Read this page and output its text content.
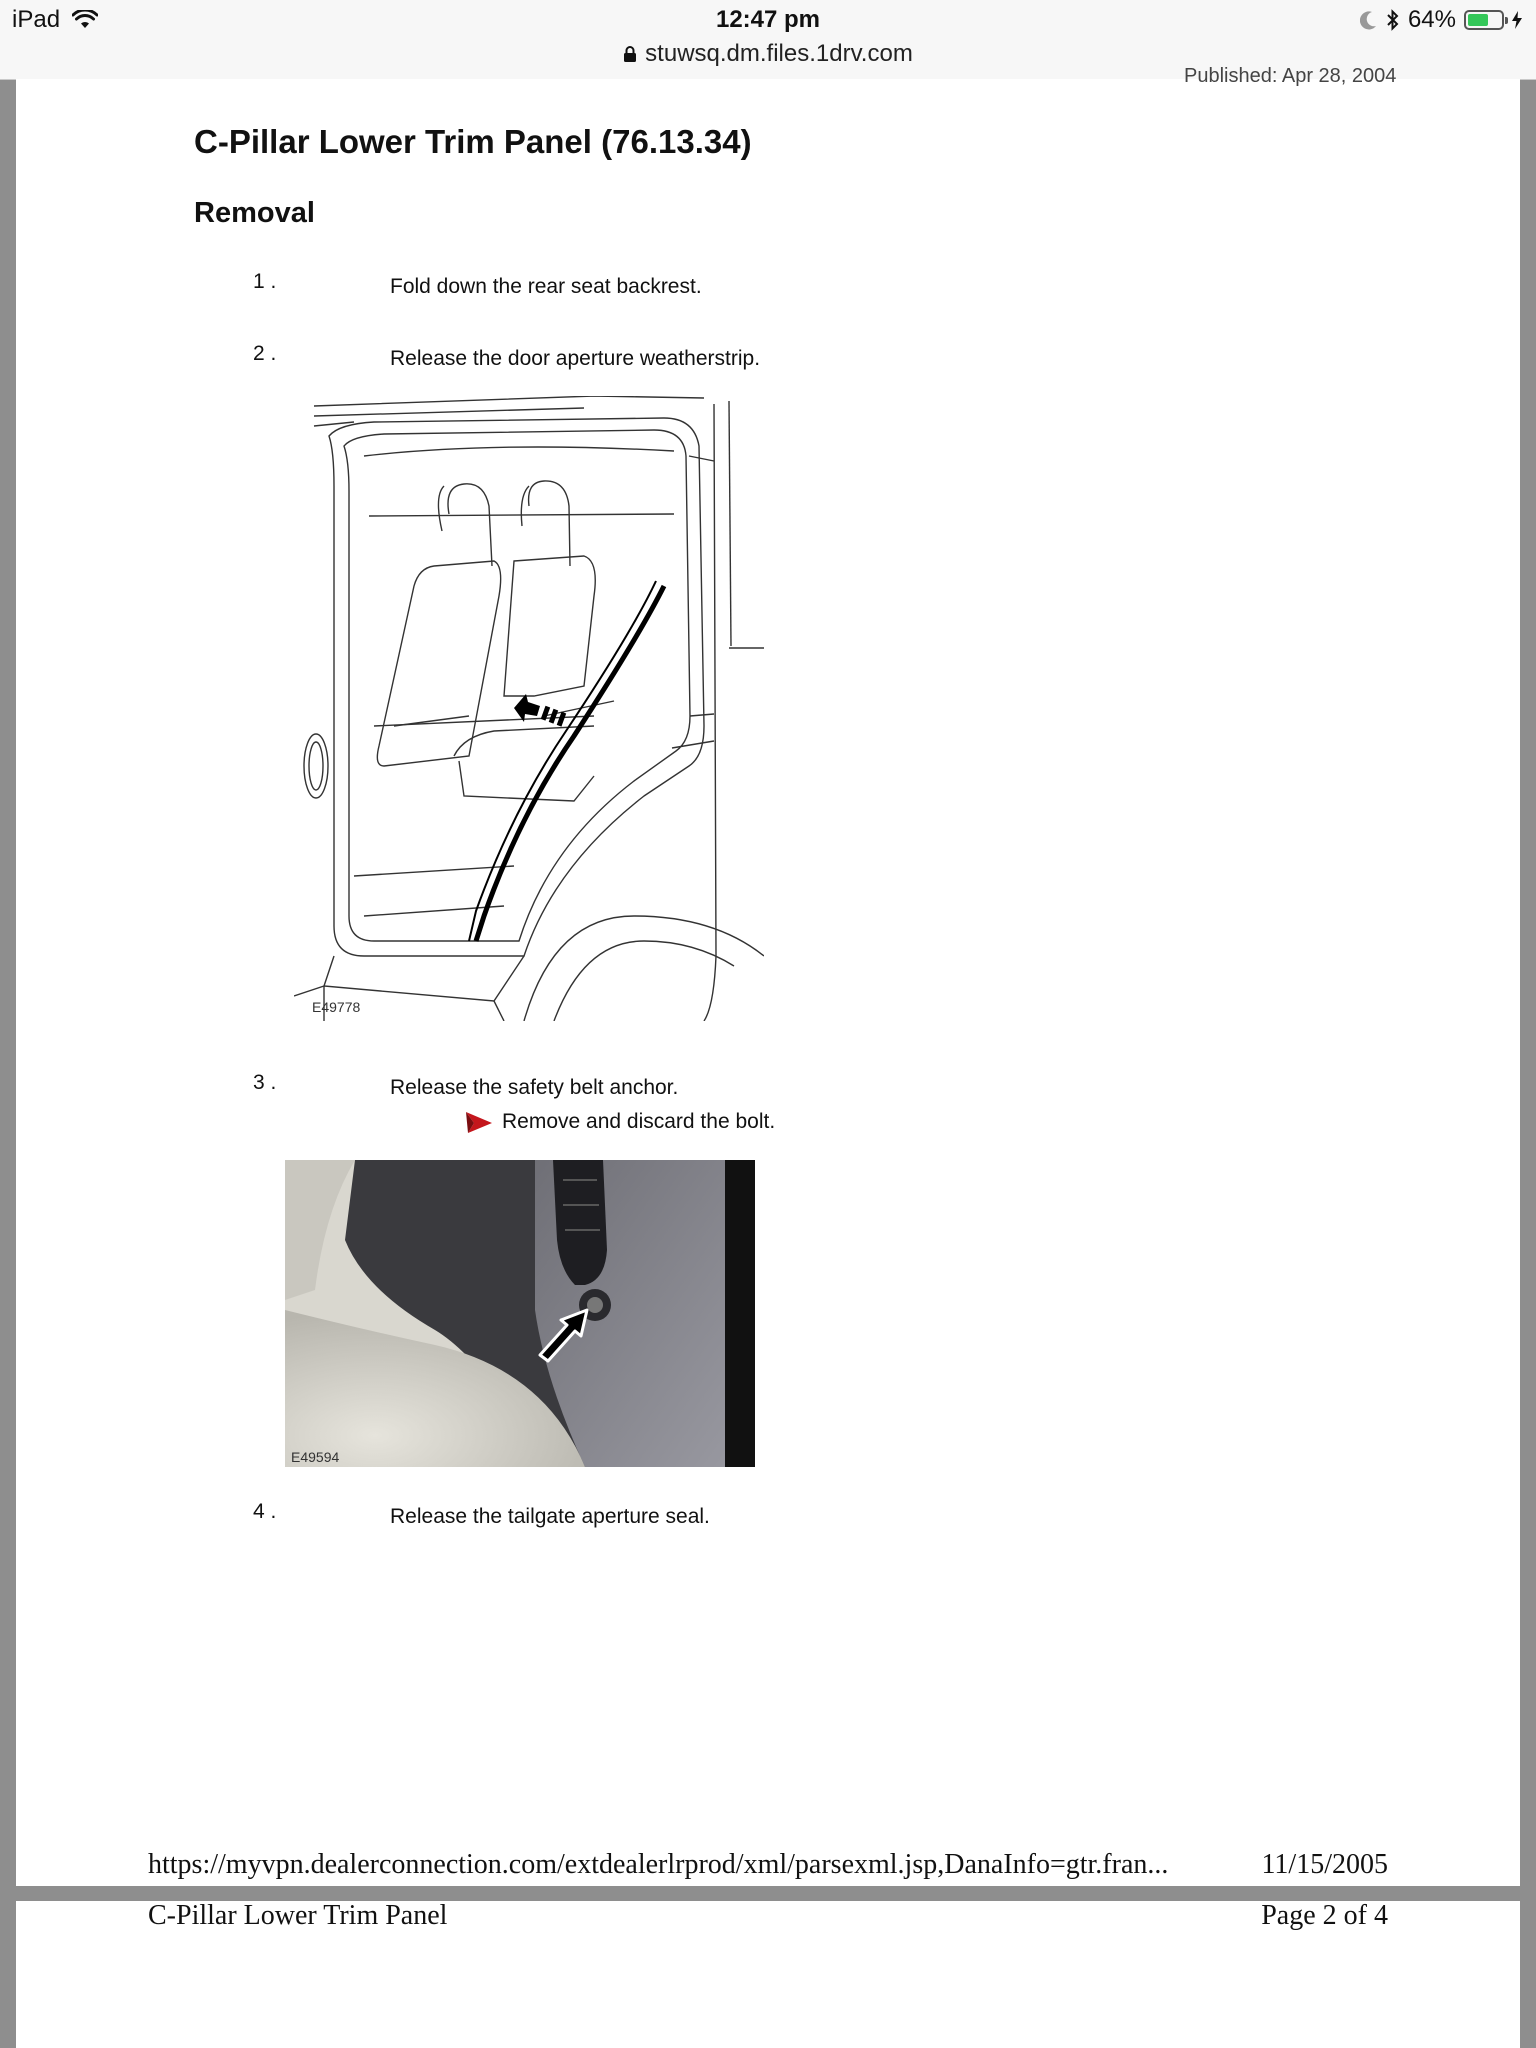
iPad	12:47 pm	64%
stuwsq.dm.files.1drv.com
Published: Apr 28, 2004
C-Pillar Lower Trim Panel (76.13.34)
Removal
1 .	Fold down the rear seat backrest.
2 .	Release the door aperture weatherstrip.
E49778
3 .	Release the safety belt anchor.
Remove and discard the bolt.
E49594
4 .	Release the tailgate aperture seal.
https://myvpn.dealerconnection.com/extdealerlrprod/xml/parsexml.jsp,DanaInfo=gtr.fran...	11/15/2005
C-Pillar Lower Trim Panel	Page 2 of 4
